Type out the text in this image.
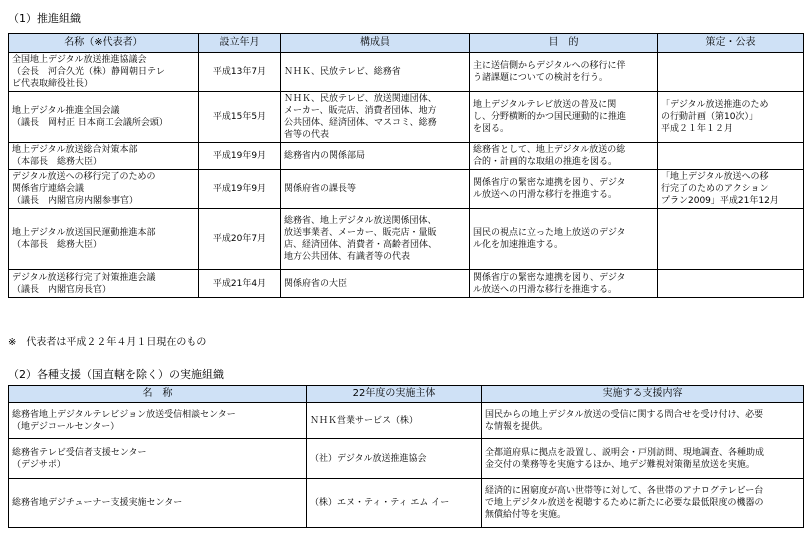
（1）推進組織
名称（※代表者）	設立年月	構成員	目　的	策定・公表

全国地上デジタル放送推進協議会
（会長　河合久光（株）静岡朝日テレ
ビ代表取締役社長）	平成13年7月	ＮＨＫ、民放テレビ、総務省	主に送信側からデジタルへの移行に伴
う諸課題についての検討を行う。	

地上デジタル推進全国会議
（議長　岡村正 日本商工会議所会頭）	平成15年5月	ＮＨＫ、民放テレビ、放送関連団体、
メーカー、販売店、消費者団体、地方
公共団体、経済団体、マスコミ、総務
省等の代表	地上デジタルテレビ放送の普及に関
し、分野横断的かつ国民運動的に推進
を図る。	「デジタル放送推進のため
の行動計画（第10次）」
平成２１年１２月

地上デジタル放送総合対策本部
（本部長　総務大臣）	平成19年9月	総務省内の関係部局	総務省として、地上デジタル放送の総
合的・計画的な取組の推進を図る。	

デジタル放送への移行完了のための
関係省庁連絡会議
（議長　内閣官房内閣参事官）	平成19年9月	関係府省の課長等	関係省庁の緊密な連携を図り、デジタ
ル放送への円滑な移行を推進する。	「地上デジタル放送への移
行完了のためのアクション
プラン2009」平成21年12月

地上デジタル放送国民運動推進本部
（本部長　総務大臣）	平成20年7月	総務省、地上デジタル放送関係団体、
放送事業者、メーカー、販売店・量販
店、経済団体、消費者・高齢者団体、
地方公共団体、有識者等の代表	国民の視点に立った地上放送のデジタ
ル化を加速推進する。	

デジタル放送移行完了対策推進会議
（議長　内閣官房長官）	平成21年4月	関係府省の大臣	関係省庁の緊密な連携を図り、デジタ
ル放送への円滑な移行を推進する。	

※　代表者は平成２２年４月１日現在のもの
（2）各種支援（国直轄を除く）の実施組織
名　称	22年度の実施主体	実施する支援内容

総務省地上デジタルテレビジョン放送受信相談センター
（地デジコールセンター）	ＮＨＫ営業サービス（株）	国民からの地上デジタル放送の受信に関する問合せを受け付け、必要
な情報を提供。

総務省テレビ受信者支援センター
（デジサポ）	（社）デジタル放送推進協会	全都道府県に拠点を設置し、説明会・戸別訪問、現地調査、各種助成
金交付の業務等を実施するほか、地デジ難視対策衛星放送を実施。

総務省地デジチューナー支援実施センター	（株）エヌ・ティ・ティ エム イー	経済的に困窮度が高い世帯等に対して、各世帯のアナログテレビー台
で地上デジタル放送を視聴するために新たに必要な最低限度の機器の
無償給付等を実施。
